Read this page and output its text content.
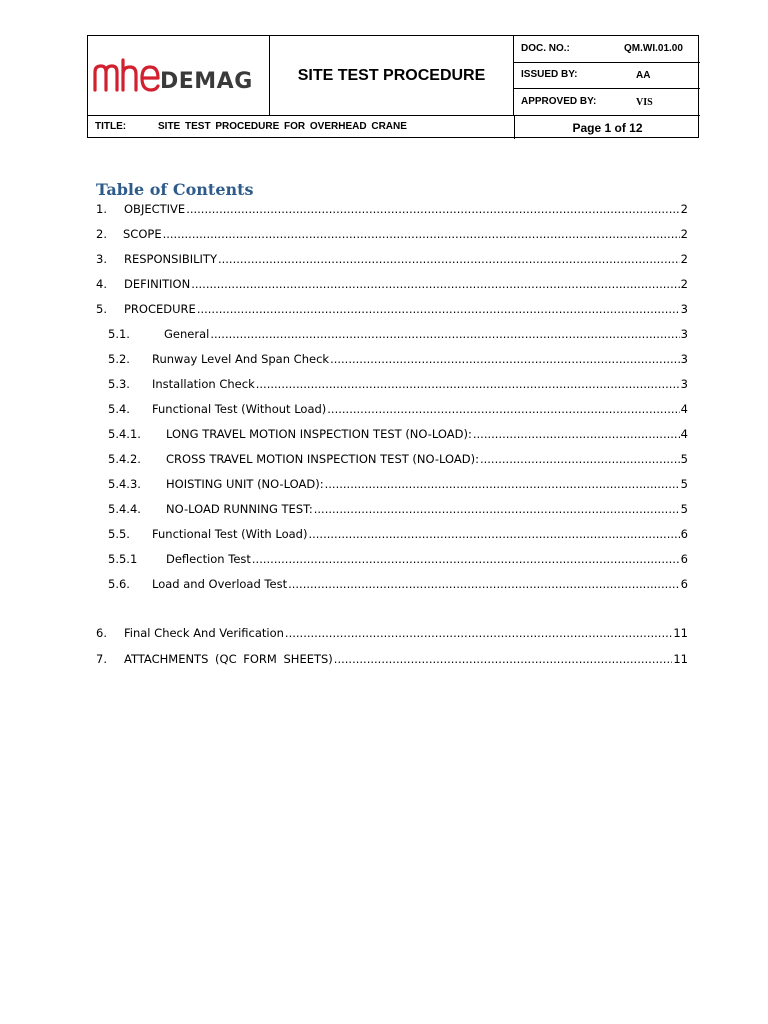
DEMAG	SITE TEST PROCEDURE
DOC. NO.:	QM.WI.01.00
ISSUED BY:	AA
APPROVED BY:	VIS
TITLE:	SITE TEST PROCEDURE FOR OVERHEAD CRANE	Page 1 of 12
Table of Contents
1.	OBJECTIVE .....	2
2.	SCOPE .....	2
3.	RESPONSIBILITY .....	2
4.	DEFINITION .....	2
5.	PROCEDURE .....	3
5.1.	General .....	3
5.2.	Runway Level And Span Check .....	3
5.3.	Installation Check .....	3
5.4.	Functional Test (Without Load) .....	4
5.4.1.	LONG TRAVEL MOTION INSPECTION TEST (NO-LOAD): .....	4
5.4.2.	CROSS TRAVEL MOTION INSPECTION TEST (NO-LOAD): .....	5
5.4.3.	HOISTING UNIT (NO-LOAD): .....	5
5.4.4.	NO-LOAD RUNNING TEST: .....	5
5.5.	Functional Test (With Load) .....	6
5.5.1	Deflection Test .....	6
5.6.	Load and Overload Test .....	6
6.	Final Check And Verification .....	11
7.	ATTACHMENTS (QC FORM SHEETS) .....	11
